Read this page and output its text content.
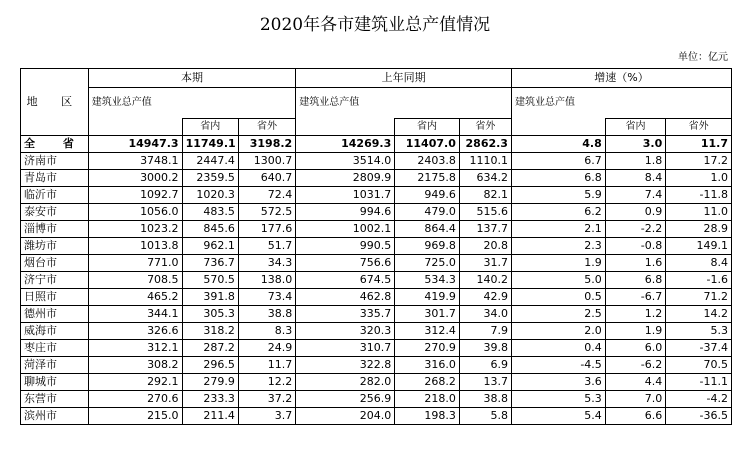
2020年各市建筑业总产值情况
单位：亿元
地 区	本期			上年同期			增速（%）		
	建筑业总产值			建筑业总产值			建筑业总产值		
		省内	省外		省内	省外		省内	省外
全 省	14947.3	11749.1	3198.2	14269.3	11407.0	2862.3	4.8	3.0	11.7
济南市	3748.1	2447.4	1300.7	3514.0	2403.8	1110.1	6.7	1.8	17.2
青岛市	3000.2	2359.5	640.7	2809.9	2175.8	634.2	6.8	8.4	1.0
临沂市	1092.7	1020.3	72.4	1031.7	949.6	82.1	5.9	7.4	-11.8
泰安市	1056.0	483.5	572.5	994.6	479.0	515.6	6.2	0.9	11.0
淄博市	1023.2	845.6	177.6	1002.1	864.4	137.7	2.1	-2.2	28.9
潍坊市	1013.8	962.1	51.7	990.5	969.8	20.8	2.3	-0.8	149.1
烟台市	771.0	736.7	34.3	756.6	725.0	31.7	1.9	1.6	8.4
济宁市	708.5	570.5	138.0	674.5	534.3	140.2	5.0	6.8	-1.6
日照市	465.2	391.8	73.4	462.8	419.9	42.9	0.5	-6.7	71.2
德州市	344.1	305.3	38.8	335.7	301.7	34.0	2.5	1.2	14.2
威海市	326.6	318.2	8.3	320.3	312.4	7.9	2.0	1.9	5.3
枣庄市	312.1	287.2	24.9	310.7	270.9	39.8	0.4	6.0	-37.4
菏泽市	308.2	296.5	11.7	322.8	316.0	6.9	-4.5	-6.2	70.5
聊城市	292.1	279.9	12.2	282.0	268.2	13.7	3.6	4.4	-11.1
东营市	270.6	233.3	37.2	256.9	218.0	38.8	5.3	7.0	-4.2
滨州市	215.0	211.4	3.7	204.0	198.3	5.8	5.4	6.6	-36.5
